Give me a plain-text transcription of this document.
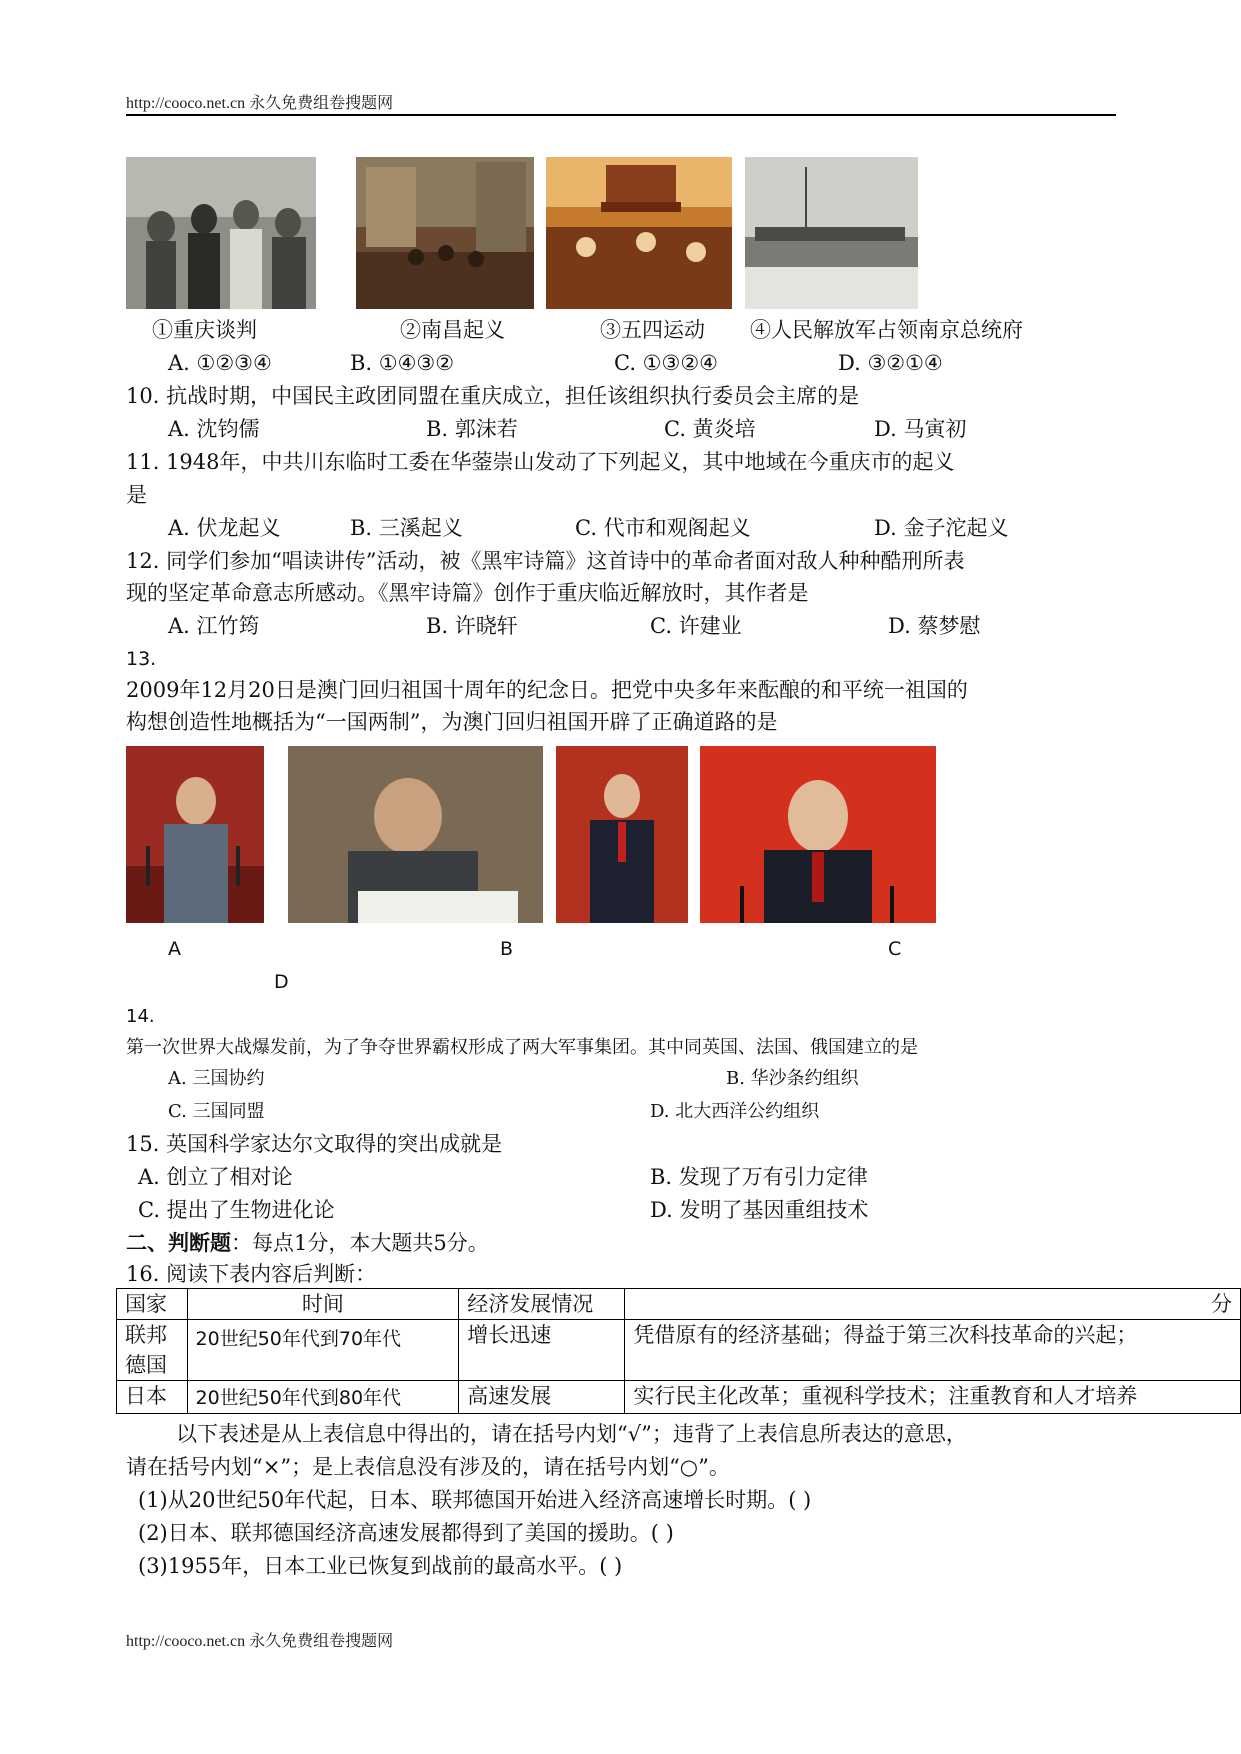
http://cooco.net.cn 永久免费组卷搜题网
①重庆谈判	②南昌起义	③五四运动 ④人民解放军占领南京总统府
A. ①②③④	B. ①④③②	C. ①③②④	D. ③②①④
10. 抗战时期，中国民主政团同盟在重庆成立，担任该组织执行委员会主席的是
A. 沈钧儒	B. 郭沫若	C. 黄炎培	D. 马寅初
11. 1948年，中共川东临时工委在华蓥崇山发动了下列起义，其中地域在今重庆市的起义
是
A. 伏龙起义	B. 三溪起义	C. 代市和观阁起义	D. 金子沱起义
12. 同学们参加“唱读讲传”活动，被《黑牢诗篇》这首诗中的革命者面对敌人种种酷刑所表
现的坚定革命意志所感动。《黑牢诗篇》创作于重庆临近解放时，其作者是
A. 江竹筠	B. 许晓轩	C. 许建业	D. 蔡梦慰
13.
2009年12月20日是澳门回归祖国十周年的纪念日。把党中央多年来酝酿的和平统一祖国的
构想创造性地概括为“一国两制”，为澳门回归祖国开辟了正确道路的是
A	B	C
D
14.
第一次世界大战爆发前，为了争夺世界霸权形成了两大军事集团。其中同英国、法国、俄国建立的是
A. 三国协约	B. 华沙条约组织
C. 三国同盟	D. 北大西洋公约组织
15. 英国科学家达尔文取得的突出成就是
A. 创立了相对论	B. 发现了万有引力定律
C. 提出了生物进化论	D. 发明了基因重组技术
二、判断题：每点1分，本大题共5分。
16. 阅读下表内容后判断：
国家	时间	经济发展情况	分
联邦德国	20世纪50年代到70年代	增长迅速	凭借原有的经济基础；得益于第三次科技革命的兴起；
日本	20世纪50年代到80年代	高速发展	实行民主化改革；重视科学技术；注重教育和人才培养
以下表述是从上表信息中得出的，请在括号内划“√”；违背了上表信息所表达的意思，
请在括号内划“×”；是上表信息没有涉及的，请在括号内划“○”。
(1)从20世纪50年代起，日本、联邦德国开始进入经济高速增长时期。( )
(2)日本、联邦德国经济高速发展都得到了美国的援助。( )
(3)1955年，日本工业已恢复到战前的最高水平。( )
http://cooco.net.cn 永久免费组卷搜题网
